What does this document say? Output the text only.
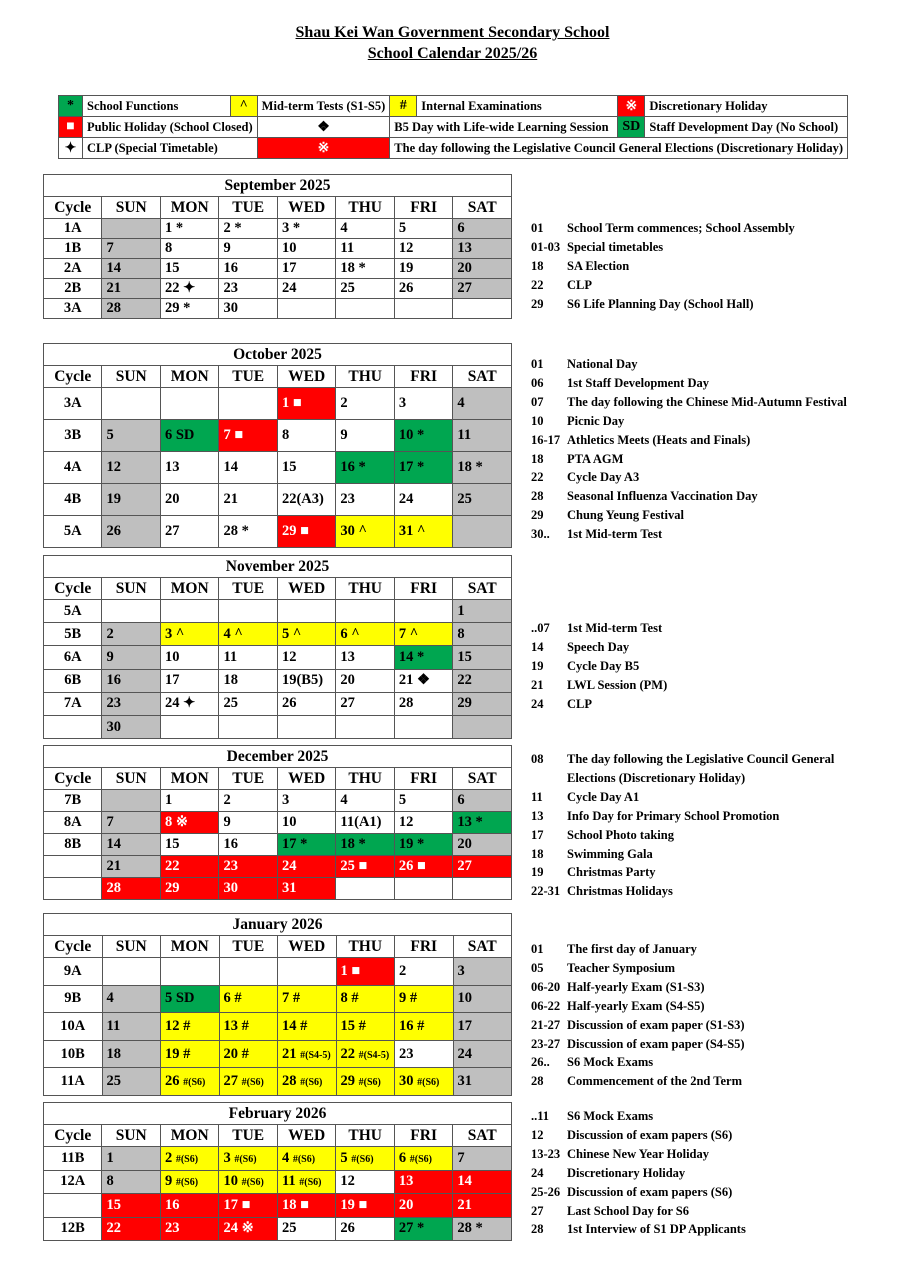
Shau Kei Wan Government Secondary School
School Calendar 2025/26
*	School Functions	^	Mid-term Tests (S1-S5)	#	Internal Examinations	※	Discretionary Holiday
■	Public Holiday (School Closed)		❖	B5 Day with Life-wide Learning Session		SD	Staff Development Day (No School)
✦	CLP (Special Timetable)		※	The day following the Legislative Council General Elections (Discretionary Holiday)			
September 2025							
Cycle	SUN	MON	TUE	WED	THU	FRI	SAT
1A		1 *	2 *	3 *	4	5	6
1B	7	8	9	10	11	12	13
2A	14	15	16	17	18 *	19	20
2B	21	22 ✦	23	24	25	26	27
3A	28	29 *	30				
October 2025							
Cycle	SUN	MON	TUE	WED	THU	FRI	SAT
3A				1 ■	2	3	4
3B	5	6 SD	7 ■	8	9	10 *	11
4A	12	13	14	15	16 *	17 *	18 *
4B	19	20	21	22(A3)	23	24	25
5A	26	27	28 *	29 ■	30 ^	31 ^	
November 2025							
Cycle	SUN	MON	TUE	WED	THU	FRI	SAT
5A							1
5B	2	3 ^	4 ^	5 ^	6 ^	7 ^	8
6A	9	10	11	12	13	14 *	15
6B	16	17	18	19(B5)	20	21 ❖	22
7A	23	24 ✦	25	26	27	28	29
	30						
December 2025							
Cycle	SUN	MON	TUE	WED	THU	FRI	SAT
7B		1	2	3	4	5	6
8A	7	8 ※	9	10	11(A1)	12	13 *
8B	14	15	16	17 *	18 *	19 *	20
	21	22	23	24	25 ■	26 ■	27
	28	29	30	31			
January 2026							
Cycle	SUN	MON	TUE	WED	THU	FRI	SAT
9A					1 ■	2	3
9B	4	5 SD	6 #	7 #	8 #	9 #	10
10A	11	12 #	13 #	14 #	15 #	16 #	17
10B	18	19 #	20 #	21 #(S4-5)	22 #(S4-5)	23	24
11A	25	26 #(S6)	27 #(S6)	28 #(S6)	29 #(S6)	30 #(S6)	31
February 2026							
Cycle	SUN	MON	TUE	WED	THU	FRI	SAT
11B	1	2 #(S6)	3 #(S6)	4 #(S6)	5 #(S6)	6 #(S6)	7
12A	8	9 #(S6)	10 #(S6)	11 #(S6)	12	13	14
	15	16	17 ■	18 ■	19 ■	20	21
12B	22	23	24 ※	25	26	27 *	28 *
01	School Term commences; School Assembly
01-03 Special timetables
18	SA Election
22	CLP
29	S6 Life Planning Day (School Hall)
01	National Day
06	1st Staff Development Day
07	The day following the Chinese Mid-Autumn Festival
10	Picnic Day
16-17 Athletics Meets (Heats and Finals)
18	PTA AGM
22	Cycle Day A3
28	Seasonal Influenza Vaccination Day
29	Chung Yeung Festival
30..	1st Mid-term Test
..07	1st Mid-term Test
14	Speech Day
19	Cycle Day B5
21	LWL Session (PM)
24	CLP
08	The day following the Legislative Council General
Elections (Discretionary Holiday)
11	Cycle Day A1
13	Info Day for Primary School Promotion
17	School Photo taking
18	Swimming Gala
19	Christmas Party
22-31 Christmas Holidays
01	The first day of January
05	Teacher Symposium
06-20 Half-yearly Exam (S1-S3)
06-22 Half-yearly Exam (S4-S5)
21-27 Discussion of exam paper (S1-S3)
23-27 Discussion of exam paper (S4-S5)
26..	S6 Mock Exams
28	Commencement of the 2nd Term
..11	S6 Mock Exams
12	Discussion of exam papers (S6)
13-23 Chinese New Year Holiday
24	Discretionary Holiday
25-26 Discussion of exam papers (S6)
27	Last School Day for S6
28	1st Interview of S1 DP Applicants
